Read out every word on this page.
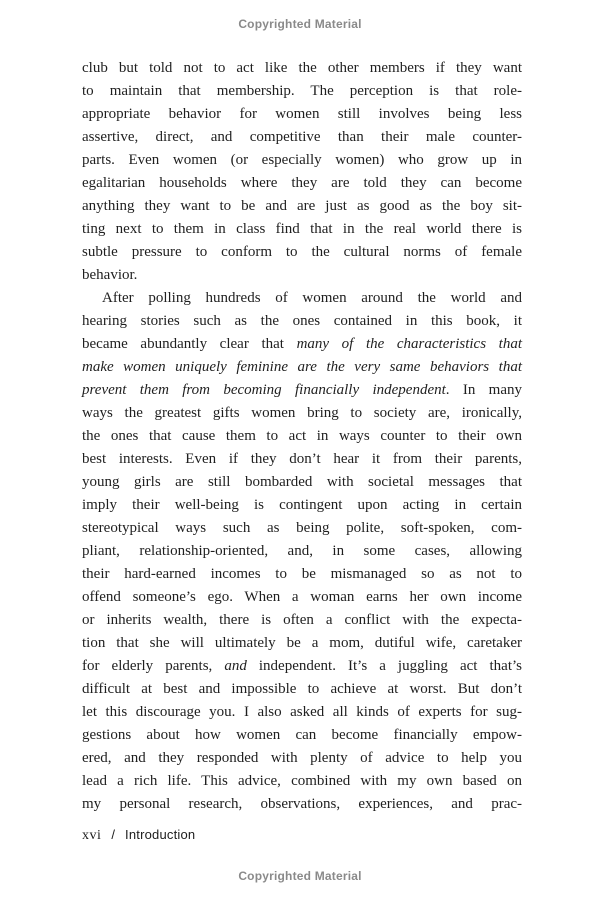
Copyrighted Material
club but told not to act like the other members if they want
to maintain that membership. The perception is that role-
appropriate behavior for women still involves being less
assertive, direct, and competitive than their male counter-
parts. Even women (or especially women) who grow up in
egalitarian households where they are told they can become
anything they want to be and are just as good as the boy sit-
ting next to them in class find that in the real world there is
subtle pressure to conform to the cultural norms of female
behavior.
After polling hundreds of women around the world and
hearing stories such as the ones contained in this book, it
became abundantly clear that many of the characteristics that
make women uniquely feminine are the very same behaviors that
prevent them from becoming financially independent. In many
ways the greatest gifts women bring to society are, ironically,
the ones that cause them to act in ways counter to their own
best interests. Even if they don’t hear it from their parents,
young girls are still bombarded with societal messages that
imply their well-being is contingent upon acting in certain
stereotypical ways such as being polite, soft-spoken, com-
pliant, relationship-oriented, and, in some cases, allowing
their hard-earned incomes to be mismanaged so as not to
offend someone’s ego. When a woman earns her own income
or inherits wealth, there is often a conflict with the expecta-
tion that she will ultimately be a mom, dutiful wife, caretaker
for elderly parents, and independent. It’s a juggling act that’s
difficult at best and impossible to achieve at worst. But don’t
let this discourage you. I also asked all kinds of experts for sug-
gestions about how women can become financially empow-
ered, and they responded with plenty of advice to help you
lead a rich life. This advice, combined with my own based on
my personal research, observations, experiences, and prac-
xvi / Introduction
Copyrighted Material
